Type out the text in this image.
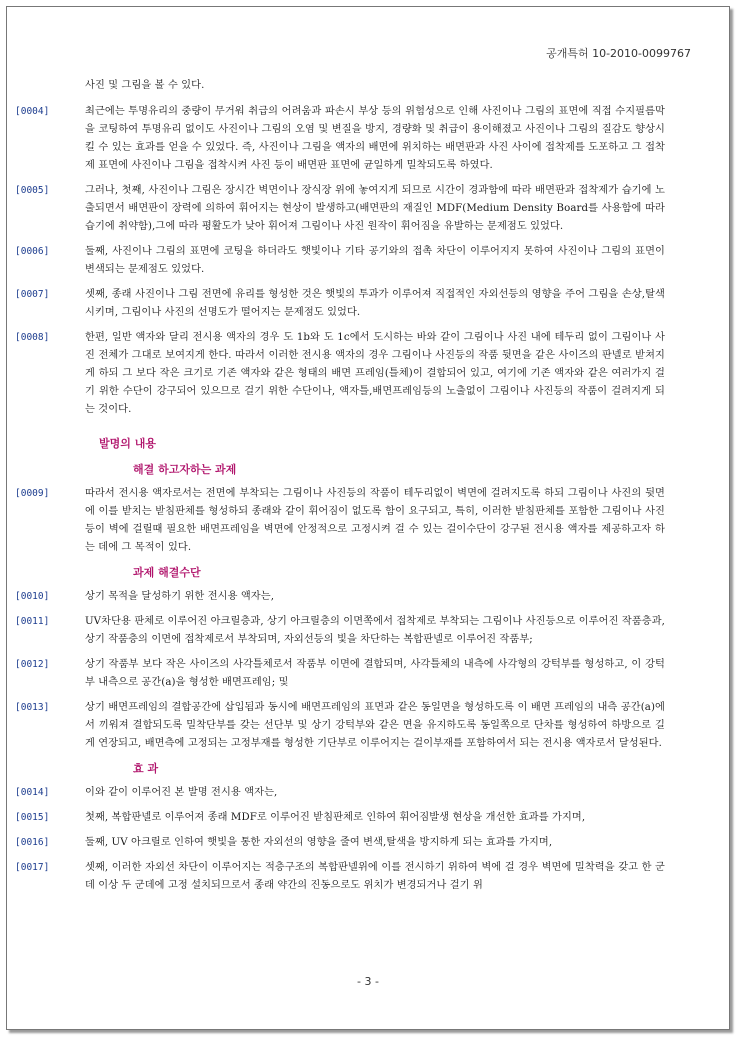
공개특허 10-2010-0099767
사진 및 그림을 볼 수 있다.
[0004]	최근에는 투명유리의 중량이 무거워 취급의 어려움과 파손시 부상 등의 위험성으로 인해 사진이나 그림의 표면에 직접 수지필름막을 코팅하여 투명유리 없이도 사진이나 그림의 오염 및 변질을 방지, 경량화 및 취급이 용이해졌고 사진이나 그림의 질감도 향상시킬 수 있는 효과를 얻을 수 있었다. 즉, 사진이나 그림을 액자의 배면에 위치하는 배면판과 사진 사이에 접착제를 도포하고 그 접착제 표면에 사진이나 그림을 접착시켜 사진 등이 배면판 표면에 균일하게 밀착되도록 하였다.
[0005]	그러나, 첫째, 사진이나 그림은 장시간 벽면이나 장식장 위에 놓여지게 되므로 시간이 경과함에 따라 배면판과 접착제가 습기에 노출되면서 배면판이 장력에 의하여 휘어지는 현상이 발생하고(배면판의 재질인 MDF(Medium Density Board를 사용함에 따라 습기에 취약함),그에 따라 평활도가 낮아 휘어져 그림이나 사진 원작이 휘어짐을 유발하는 문제점도 있었다.
[0006]	둘째, 사진이나 그림의 표면에 코팅을 하더라도 햇빛이나 기타 공기와의 접촉 차단이 이루어지지 못하여 사진이나 그림의 표면이 변색되는 문제점도 있었다.
[0007]	셋째, 종래 사진이나 그림 전면에 유리를 형성한 것은 햇빛의 투과가 이루어져 직접적인 자외선등의 영향을 주어 그림을 손상,탈색시키며, 그림이나 사진의 선명도가 떨어지는 문제점도 있었다.
[0008]	한편, 일반 액자와 달리 전시용 액자의 경우 도 1b와 도 1c에서 도시하는 바와 같이 그림이나 사진 내에 테두리 없이 그림이나 사진 전체가 그대로 보여지게 한다. 따라서 이러한 전시용 액자의 경우 그림이나 사진등의 작품 뒷면을 같은 사이즈의 판넬로 받쳐지게 하되 그 보다 작은 크기로 기존 액자와 같은 형태의 배면 프레임(틀체)이 결합되어 있고, 여기에 기존 액자와 같은 여러가지 걸기 위한 수단이 강구되어 있으므로 걸기 위한 수단이나, 액자틀,배면프레임등의 노출없이 그림이나 사진등의 작품이 걸려지게 되는 것이다.
발명의 내용
해결 하고자하는 과제
[0009]	따라서 전시용 액자로서는 전면에 부착되는 그림이나 사진등의 작품이 테두리없이 벽면에 걸려지도록 하되 그림이나 사진의 뒷면에 이를 받치는 받침판체를 형성하되 종래와 같이 휘어짐이 없도록 함이 요구되고, 특히, 이러한 받침판체를 포함한 그림이나 사진등이 벽에 걸릴때 필요한 배면프레임을 벽면에 안정적으로 고정시켜 걸 수 있는 걸이수단이 강구된 전시용 액자를 제공하고자 하는 데에 그 목적이 있다.
과제 해결수단
[0010]	상기 목적을 달성하기 위한 전시용 액자는,
[0011]	UV차단용 판체로 이루어진 아크릴층과, 상기 아크릴층의 이면쪽에서 접착제로 부착되는 그림이나 사진등으로 이루어진 작품층과, 상기 작품층의 이면에 접착제로서 부착되며, 자외선등의 빛을 차단하는 복합판넬로 이루어진 작품부;
[0012]	상기 작품부 보다 작은 사이즈의 사각틀체로서 작품부 이면에 결합되며, 사각틀체의 내측에 사각형의 강턱부를 형성하고, 이 강턱부 내측으로 공간(a)을 형성한 배면프레임; 및
[0013]	상기 배면프레임의 결합공간에 삽입됨과 동시에 배면프레임의 표면과 같은 동일면을 형성하도록 이 배면 프레임의 내측 공간(a)에서 끼워져 결합되도록 밀착단부를 갖는 선단부 및 상기 강턱부와 같은 면을 유지하도록 동일쪽으로 단차를 형성하여 하방으로 길게 연장되고, 배면측에 고정되는 고정부재를 형성한 기단부로 이루어지는 걸이부재를 포함하여서 되는 전시용 액자로서 달성된다.
효 과
[0014]	이와 같이 이루어진 본 발명 전시용 액자는,
[0015]	첫째, 복합판넬로 이루어져 종래 MDF로 이루어진 받침판체로 인하여 휘어짐발생 현상을 개선한 효과를 가지며,
[0016]	둘째, UV 아크릴로 인하여 햇빛을 통한 자외선의 영향을 줄여 변색,탈색을 방지하게 되는 효과를 가지며,
[0017]	셋째, 이러한 자외선 차단이 이루어지는 적층구조의 복합판넬위에 이를 전시하기 위하여 벽에 걸 경우 벽면에 밀착력을 갖고 한 군데 이상 두 군데에 고정 설치되므로서 종래 약간의 진동으로도 위치가 변경되거나 걸기 위
- 3 -
